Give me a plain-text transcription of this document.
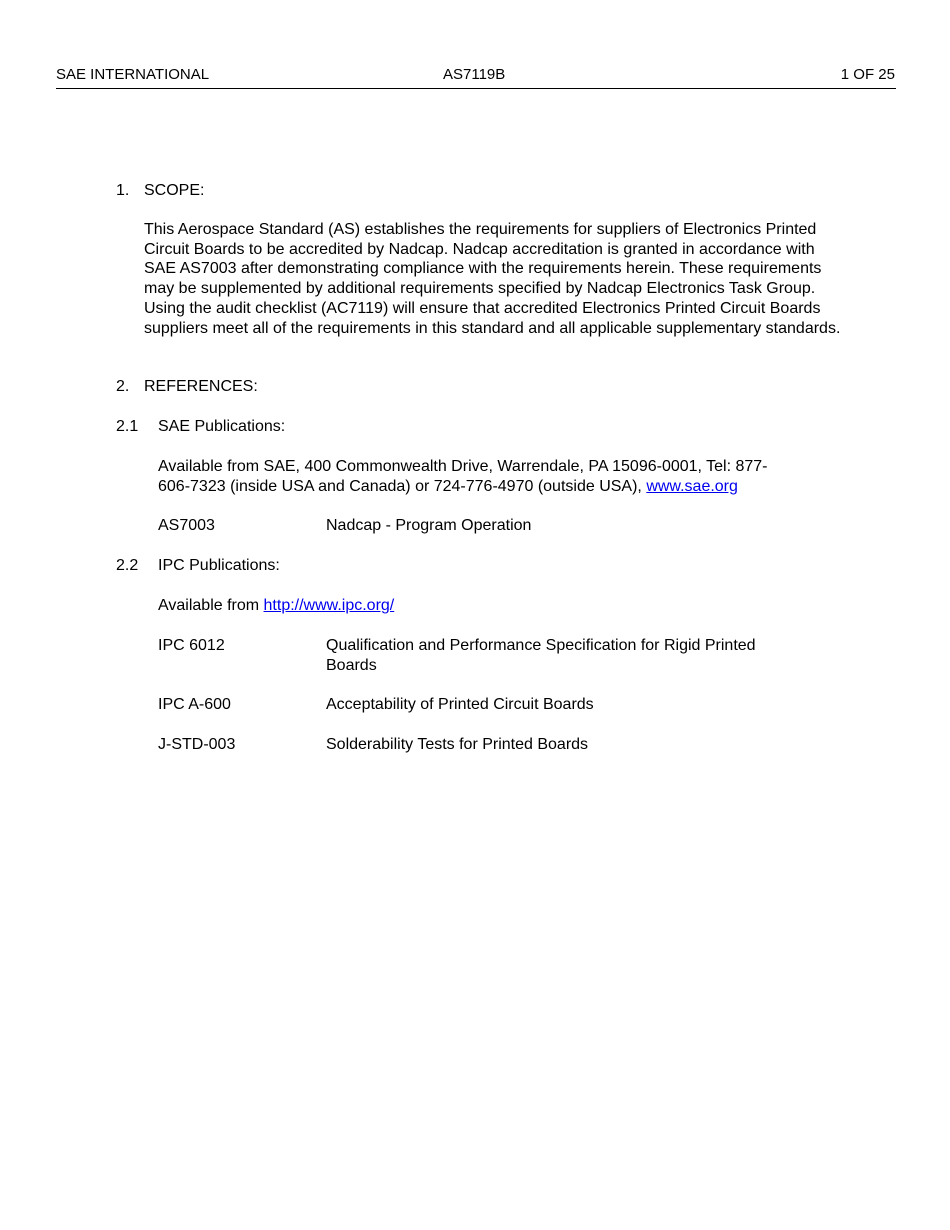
SAE INTERNATIONAL	AS7119B	1 OF 25
1. SCOPE:
This Aerospace Standard (AS) establishes the requirements for suppliers of Electronics Printed Circuit Boards to be accredited by Nadcap. Nadcap accreditation is granted in accordance with SAE AS7003 after demonstrating compliance with the requirements herein. These requirements may be supplemented by additional requirements specified by Nadcap Electronics Task Group. Using the audit checklist (AC7119) will ensure that accredited Electronics Printed Circuit Boards suppliers meet all of the requirements in this standard and all applicable supplementary standards.
2. REFERENCES:
2.1 SAE Publications:
Available from SAE, 400 Commonwealth Drive, Warrendale, PA 15096-0001, Tel: 877-
606-7323 (inside USA and Canada) or 724-776-4970 (outside USA), www.sae.org
AS7003	Nadcap - Program Operation
2.2 IPC Publications:
Available from http://www.ipc.org/
IPC 6012	Qualification and Performance Specification for Rigid Printed Boards
IPC A-600	Acceptability of Printed Circuit Boards
J-STD-003	Solderability Tests for Printed Boards
